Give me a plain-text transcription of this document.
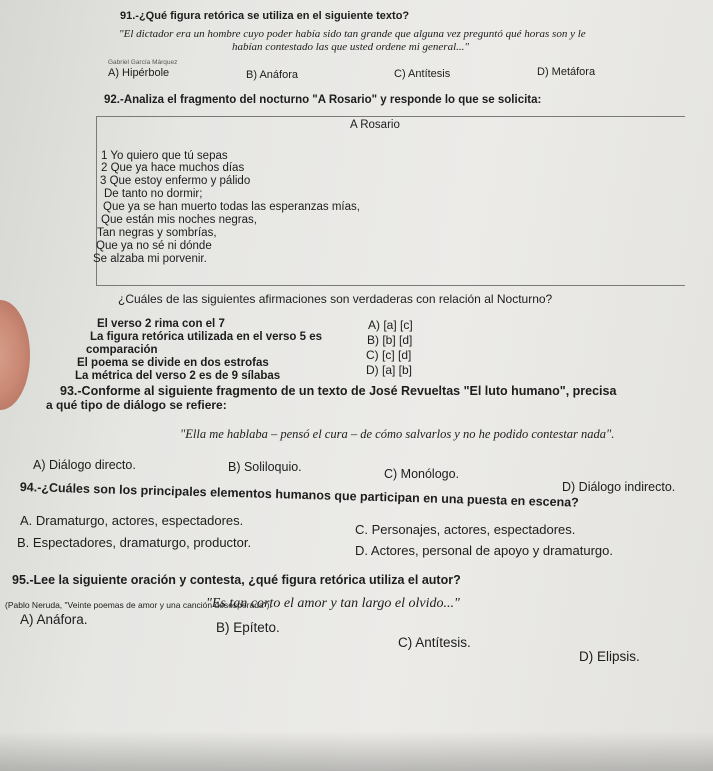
91.-¿Qué figura retórica se utiliza en el siguiente texto?
"El dictador era un hombre cuyo poder había sido tan grande que alguna vez preguntó qué horas son y le
habían contestado las que usted ordene mi general..."
Gabriel García Márquez
A) Hipérbole	B) Anáfora	C) Antítesis	D) Metáfora
92.-Analiza el fragmento del nocturno "A Rosario" y responde lo que se solicita:
A Rosario
1 Yo quiero que tú sepas
2 Que ya hace muchos días
3 Que estoy enfermo y pálido
De tanto no dormir;
Que ya se han muerto todas las esperanzas mías,
Que están mis noches negras,
Tan negras y sombrías,
Que ya no sé ni dónde
Se alzaba mi porvenir.
¿Cuáles de las siguientes afirmaciones son verdaderas con relación al Nocturno?
El verso 2 rima con el 7
La figura retórica utilizada en el verso 5 es
comparación
El poema se divide en dos estrofas
La métrica del verso 2 es de 9 sílabas
A) [a] [c]
B) [b] [d]
C) [c] [d]
D) [a] [b]
93.-Conforme al siguiente fragmento de un texto de José Revueltas "El luto humano", precisa
a qué tipo de diálogo se refiere:
"Ella me hablaba – pensó el cura – de cómo salvarlos y no he podido contestar nada".
A) Diálogo directo.	B) Soliloquio.	C) Monólogo.
D) Diálogo indirecto.
94.-¿Cuáles son los principales elementos humanos que participan en una puesta en escena?
A. Dramaturgo, actores, espectadores.
B. Espectadores, dramaturgo, productor.
C. Personajes, actores, espectadores.
D. Actores, personal de apoyo y dramaturgo.
95.-Lee la siguiente oración y contesta, ¿qué figura retórica utiliza el autor?
"Es tan corto el amor y tan largo el olvido..."
(Pablo Neruda, "Veinte poemas de amor y una canción desesperada").
A) Anáfora.
B) Epíteto.
C) Antítesis.
D) Elipsis.
